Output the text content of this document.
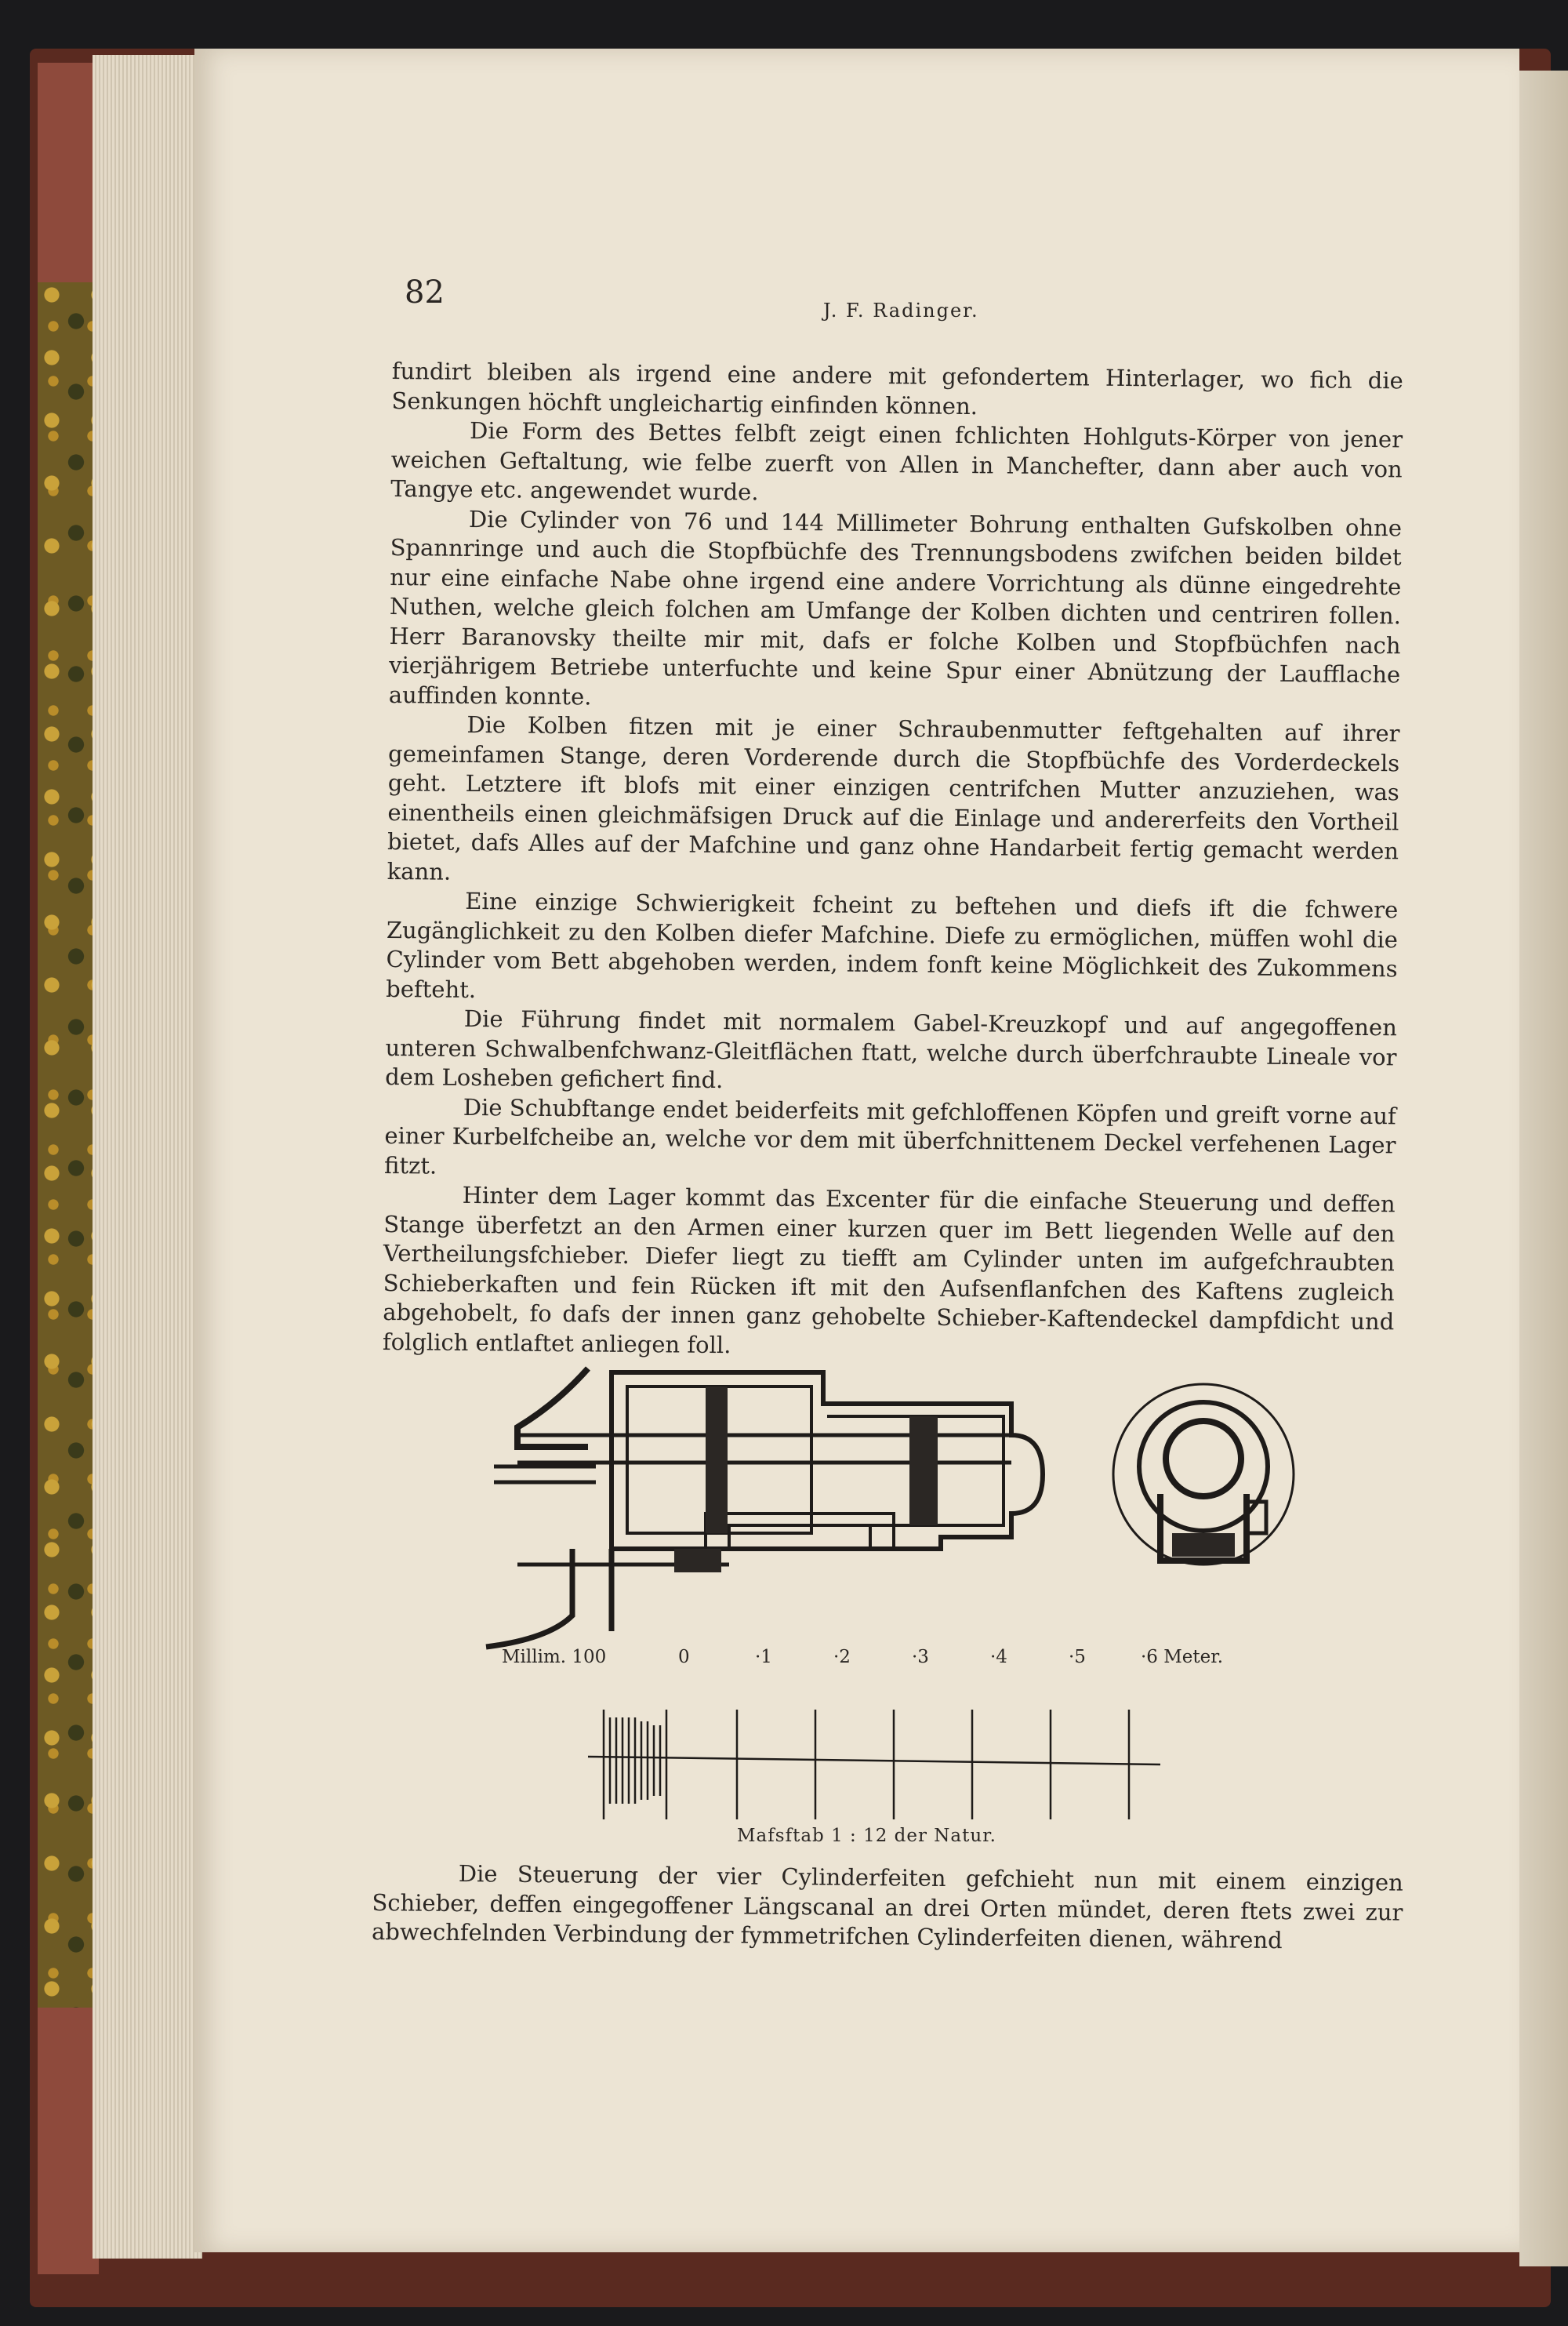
82	J. F. Radinger.

fundirt bleiben als irgend eine andere mit gefondertem Hinterlager, wo fich die Senkungen höchft ungleichartig einfinden können.

Die Form des Bettes felbft zeigt einen fchlichten Hohlguts-Körper von jener weichen Geftaltung, wie felbe zuerft von Allen in Manchefter, dann aber auch von Tangye etc. angewendet wurde.

Die Cylinder von 76 und 144 Millimeter Bohrung enthalten Gufskolben ohne Spannringe und auch die Stopfbüchfe des Trennungsbodens zwifchen beiden bildet nur eine einfache Nabe ohne irgend eine andere Vorrichtung als dünne eingedrehte Nuthen, welche gleich folchen am Umfange der Kolben dichten und centriren follen. Herr Baranovsky theilte mir mit, dafs er folche Kolben und Stopfbüchfen nach vierjährigem Betriebe unterfuchte und keine Spur einer Abnützung der Laufflache auffinden konnte.

Die Kolben fitzen mit je einer Schraubenmutter feftgehalten auf ihrer gemeinfamen Stange, deren Vorderende durch die Stopfbüchfe des Vorderdeckels geht. Letztere ift blofs mit einer einzigen centrifchen Mutter anzuziehen, was einentheils einen gleichmäfsigen Druck auf die Einlage und andererfeits den Vortheil bietet, dafs Alles auf der Mafchine und ganz ohne Handarbeit fertig gemacht werden kann.

Eine einzige Schwierigkeit fcheint zu beftehen und diefs ift die fchwere Zugänglichkeit zu den Kolben diefer Mafchine. Diefe zu ermöglichen, müffen wohl die Cylinder vom Bett abgehoben werden, indem fonft keine Möglichkeit des Zukommens befteht.

Die Führung findet mit normalem Gabel-Kreuzkopf und auf angegoffenen unteren Schwalbenfchwanz-Gleitflächen ftatt, welche durch überfchraubte Lineale vor dem Losheben gefichert find.

Die Schubftange endet beiderfeits mit gefchloffenen Köpfen und greift vorne auf einer Kurbelfcheibe an, welche vor dem mit überfchnittenem Deckel verfehenen Lager fitzt.

Hinter dem Lager kommt das Excenter für die einfache Steuerung und deffen Stange überfetzt an den Armen einer kurzen quer im Bett liegenden Welle auf den Vertheilungsfchieber. Diefer liegt zu tiefft am Cylinder unten im aufgefchraubten Schieberkaften und fein Rücken ift mit den Aufsenflanfchen des Kaftens zugleich abgehobelt, fo dafs der innen ganz gehobelte Schieber-Kaftendeckel dampfdicht und folglich entlaftet anliegen foll.

Millim. 100	0	·1	·2	·3	·4	·5	·6 Meter.
Mafsftab 1 : 12 der Natur.

Die Steuerung der vier Cylinderfeiten gefchieht nun mit einem einzigen Schieber, deffen eingegoffener Längscanal an drei Orten mündet, deren ftets zwei zur abwechfelnden Verbindung der fymmetrifchen Cylinderfeiten dienen, während
